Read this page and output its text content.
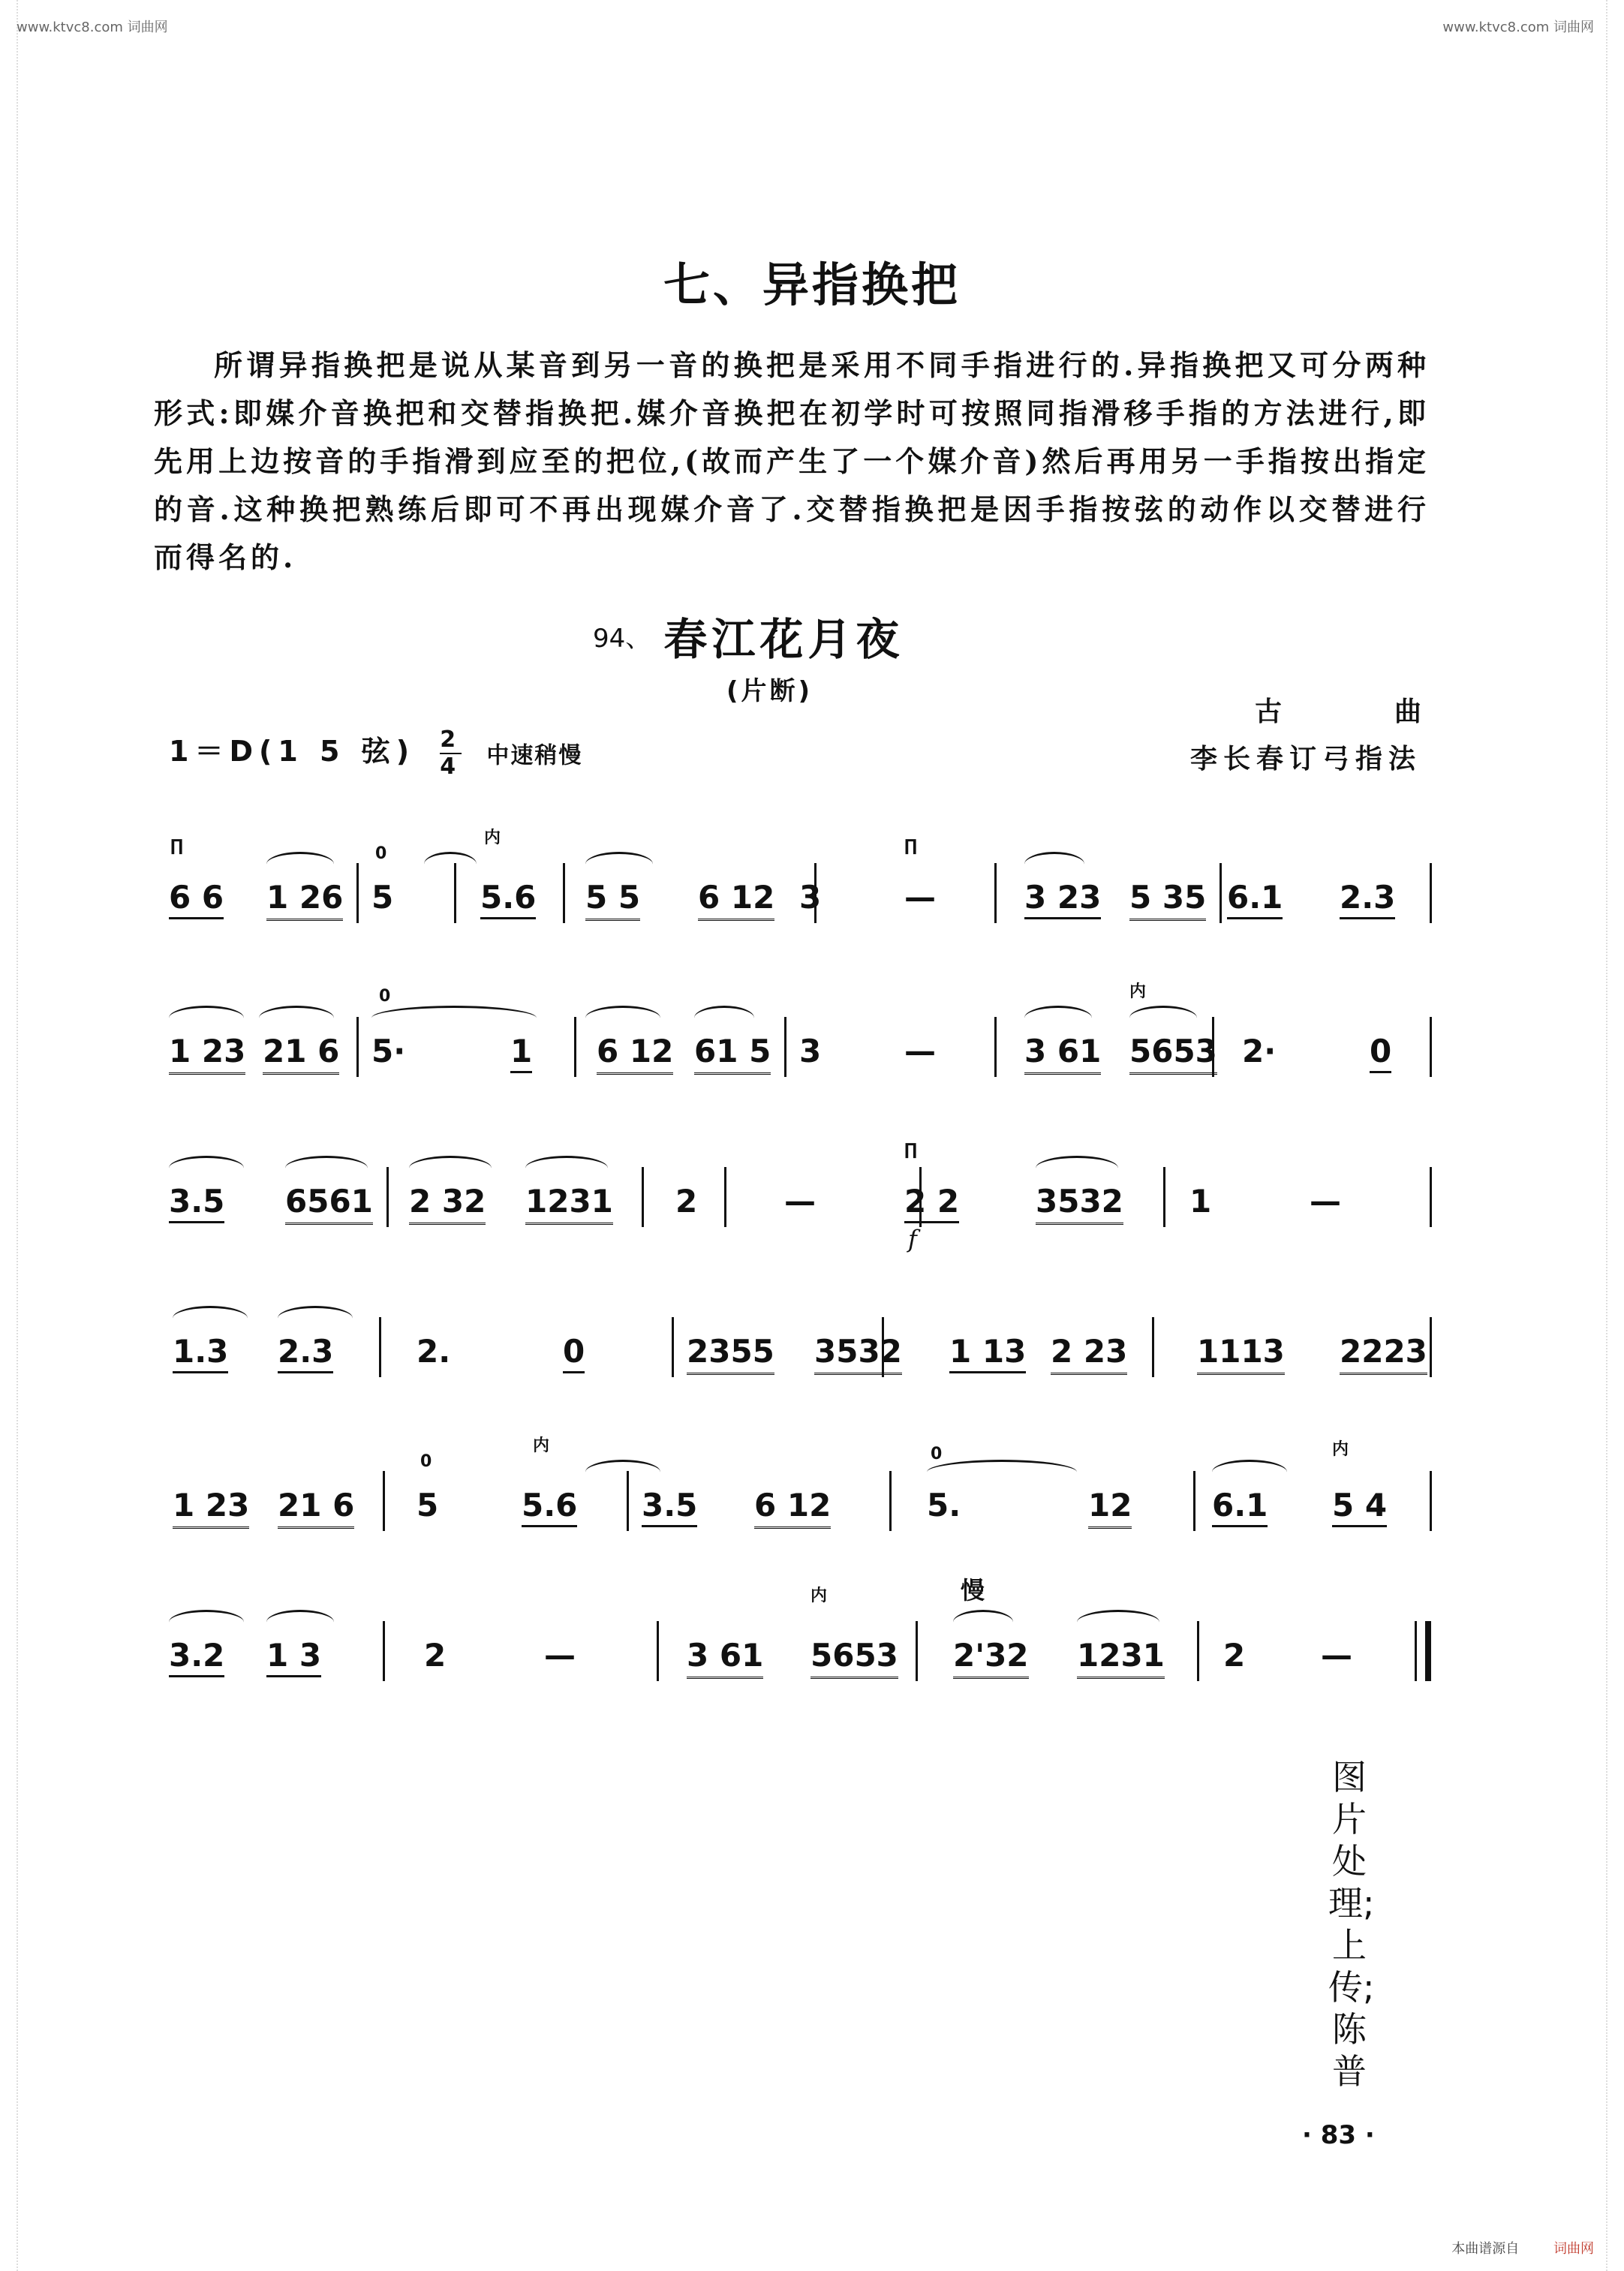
www.ktvc8.com 词曲网	www.ktvc8.com 词曲网
七、异指换把

所谓异指换把是说从某音到另一音的换把是采用不同手指进行的.异指换把又可分两种形式:即媒介音换把和交替指换把.媒介音换把在初学时可按照同指滑移手指的方法进行,即先用上边按音的手指滑到应至的把位,(故而产生了一个媒介音)然后再用另一手指按出指定的音.这种换把熟练后即可不再出现媒介音了.交替指换把是因手指按弦的动作以交替进行而得名的.

94、 春江花月夜
(片断)
古	曲
李长春订弓指法
1＝D(1 5 弦) $\frac{2}{4}$ 中速稍慢
6 6 1 26 5	5.6 5 5 6 12 3	—	3 23 5 35 6.1 2.3
∏	内
0	∏
1 23 21 6 5·	1 6 12 61 5 3	—	3 61 5653 2·	0
0	内
3.5 6561 2 32 1231 2	—	2 2 3532 1	—
∏
f
1.3 2.3	2.	0	2355 3532 1 13 2 23 1113 2223
1 23 21 6 5	5.6 3.5 6 12	5.	12	6.1 5 4
0
内	0	内
3.2 1 3	2	—	3 61 5653 2'32 1231 2 —
内	慢
图片处理;上传;陈普
· 83 ·
本曲谱源自	词曲网
